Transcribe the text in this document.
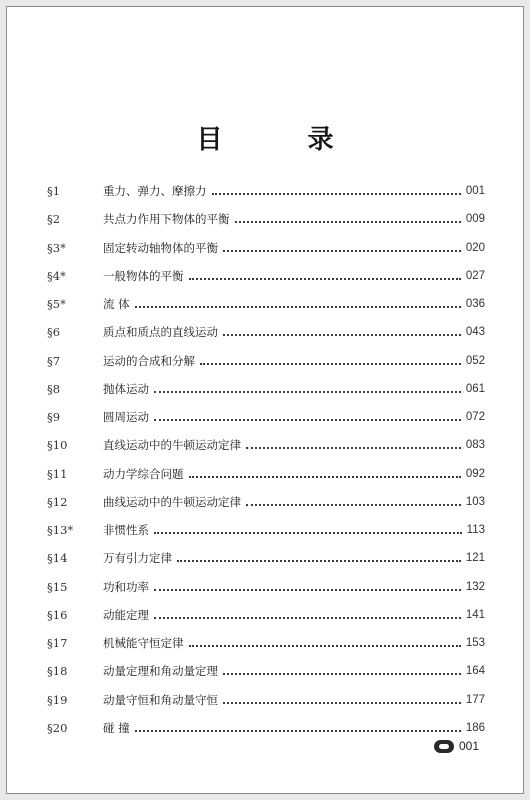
目 录
§1	重力、弹力、摩擦力	001
§2	共点力作用下物体的平衡	009
§3*	固定转动轴物体的平衡	020
§4*	一般物体的平衡	027
§5*	流 体	036
§6	质点和质点的直线运动	043
§7	运动的合成和分解	052
§8	抛体运动	061
§9	圆周运动	072
§10	直线运动中的牛顿运动定律	083
§11	动力学综合问题	092
§12	曲线运动中的牛顿运动定律	103
§13*	非惯性系	113
§14	万有引力定律	121
§15	功和功率	132
§16	动能定理	141
§17	机械能守恒定律	153
§18	动量定理和角动量定理	164
§19	动量守恒和角动量守恒	177
§20	碰 撞	186
001
